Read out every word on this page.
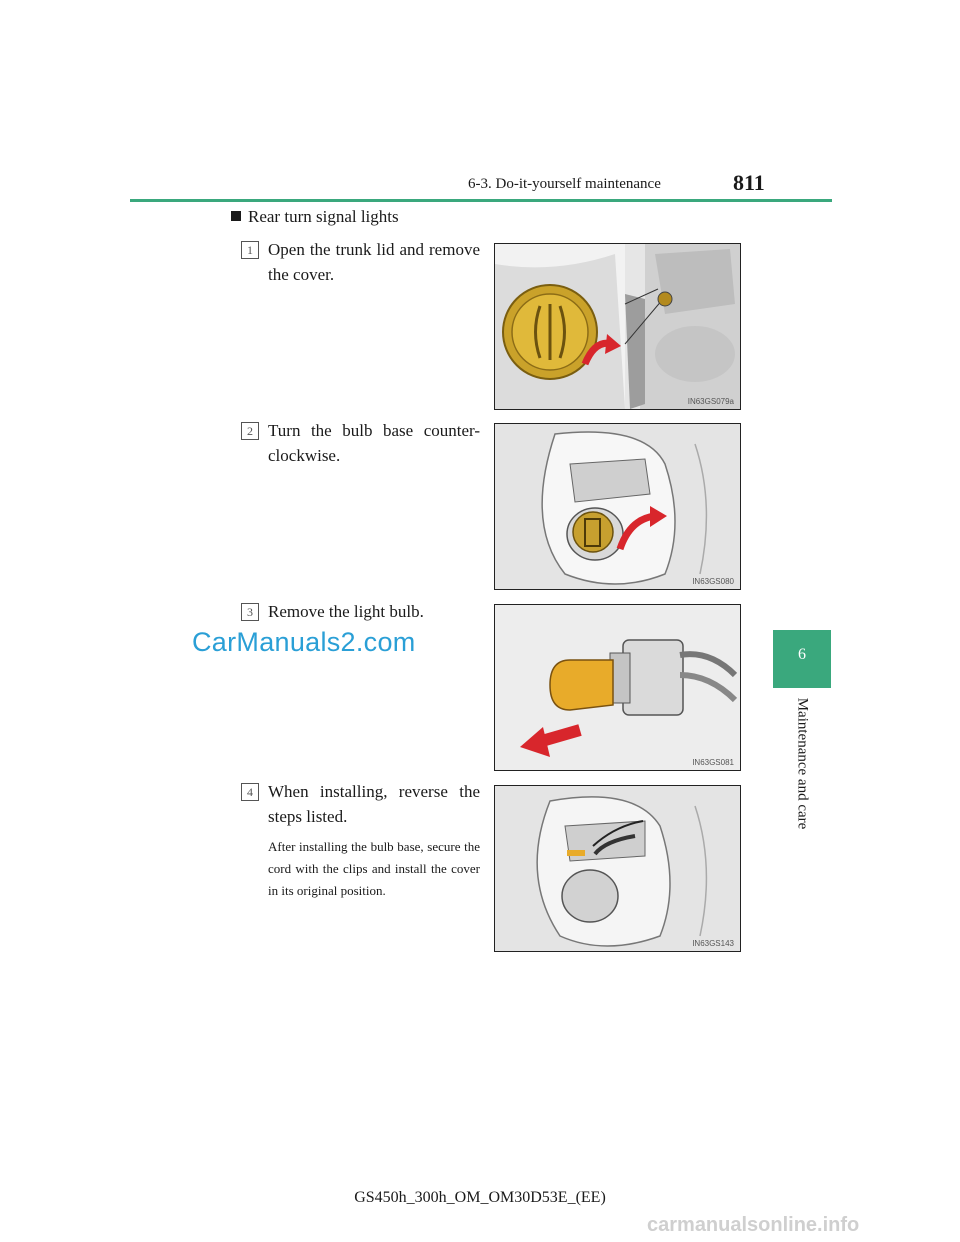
6-3. Do-it-yourself maintenance	811
6
Maintenance and care
Rear turn signal lights
1 Open the trunk lid and remove the cover.
IN63GS079a
2 Turn the bulb base counter-clockwise.
IN63GS080
3 Remove the light bulb.
IN63GS081
4 When installing, reverse the steps listed.
After installing the bulb base, secure the cord with the clips and install the cover in its original position.
IN63GS143
CarManuals2.com
GS450h_300h_OM_OM30D53E_(EE)
carmanualsonline.info
